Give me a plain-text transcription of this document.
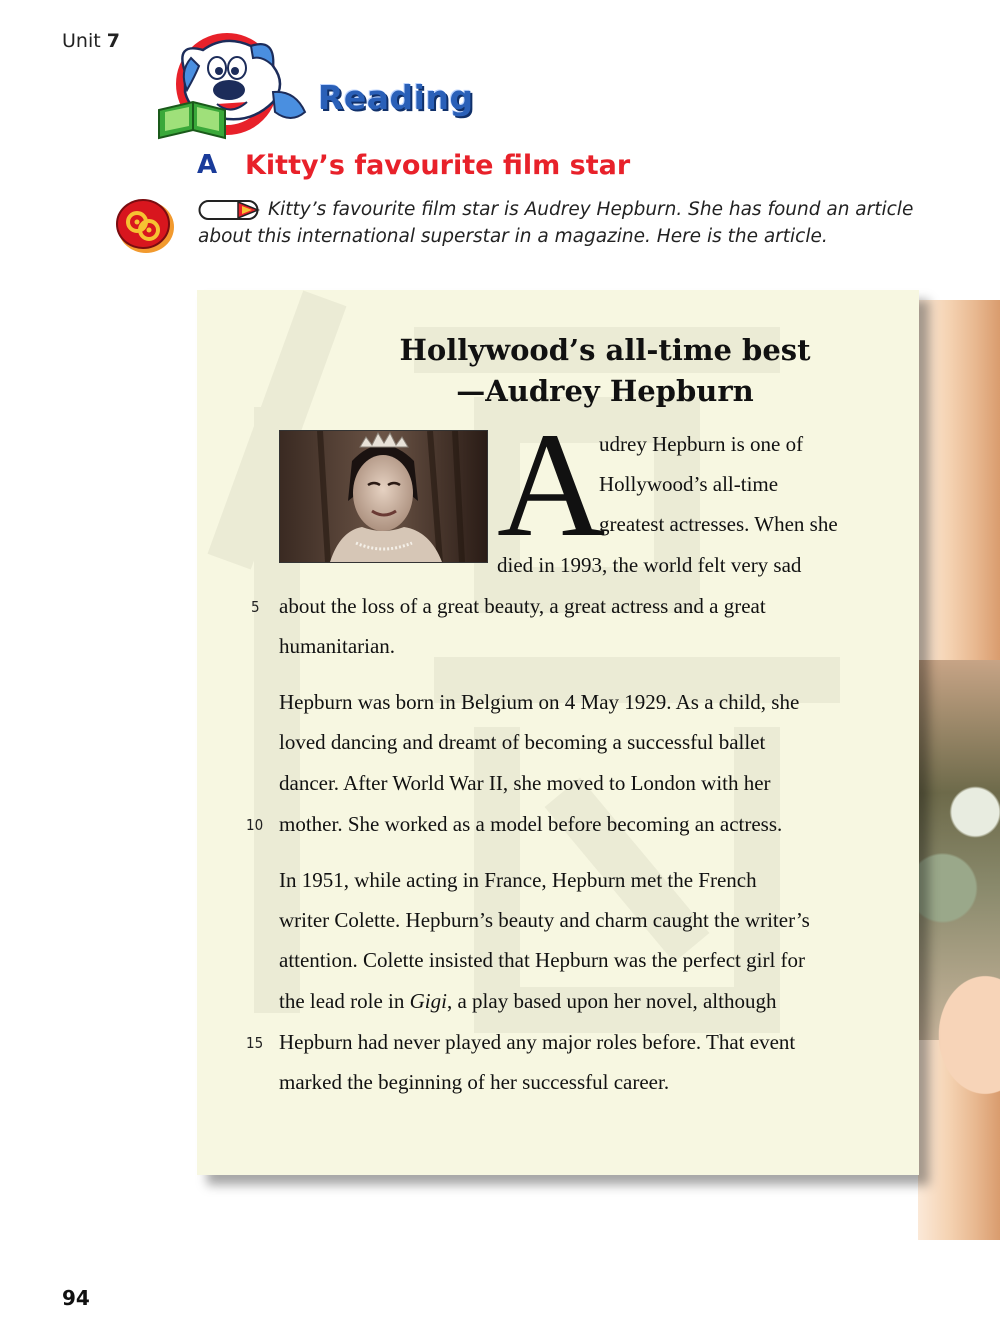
Unit 7
Reading
A Kitty’s favourite film star
Kitty’s favourite film star is Audrey Hepburn. She has found an article
about this international superstar in a magazine. Here is the article.
Hollywood’s all-time best
—Audrey Hepburn
A
udrey Hepburn is one of
Hollywood’s all-time
greatest actresses. When she
died in 1993, the world felt very sad
about the loss of a great beauty, a great actress and a great
humanitarian.
Hepburn was born in Belgium on 4 May 1929. As a child, she
loved dancing and dreamt of becoming a successful ballet
dancer. After World War II, she moved to London with her
mother. She worked as a model before becoming an actress.
In 1951, while acting in France, Hepburn met the French
writer Colette. Hepburn’s beauty and charm caught the writer’s
attention. Colette insisted that Hepburn was the perfect girl for
the lead role in Gigi, a play based upon her novel, although
Hepburn had never played any major roles before. That event
marked the beginning of her successful career.
5
10
15
94
